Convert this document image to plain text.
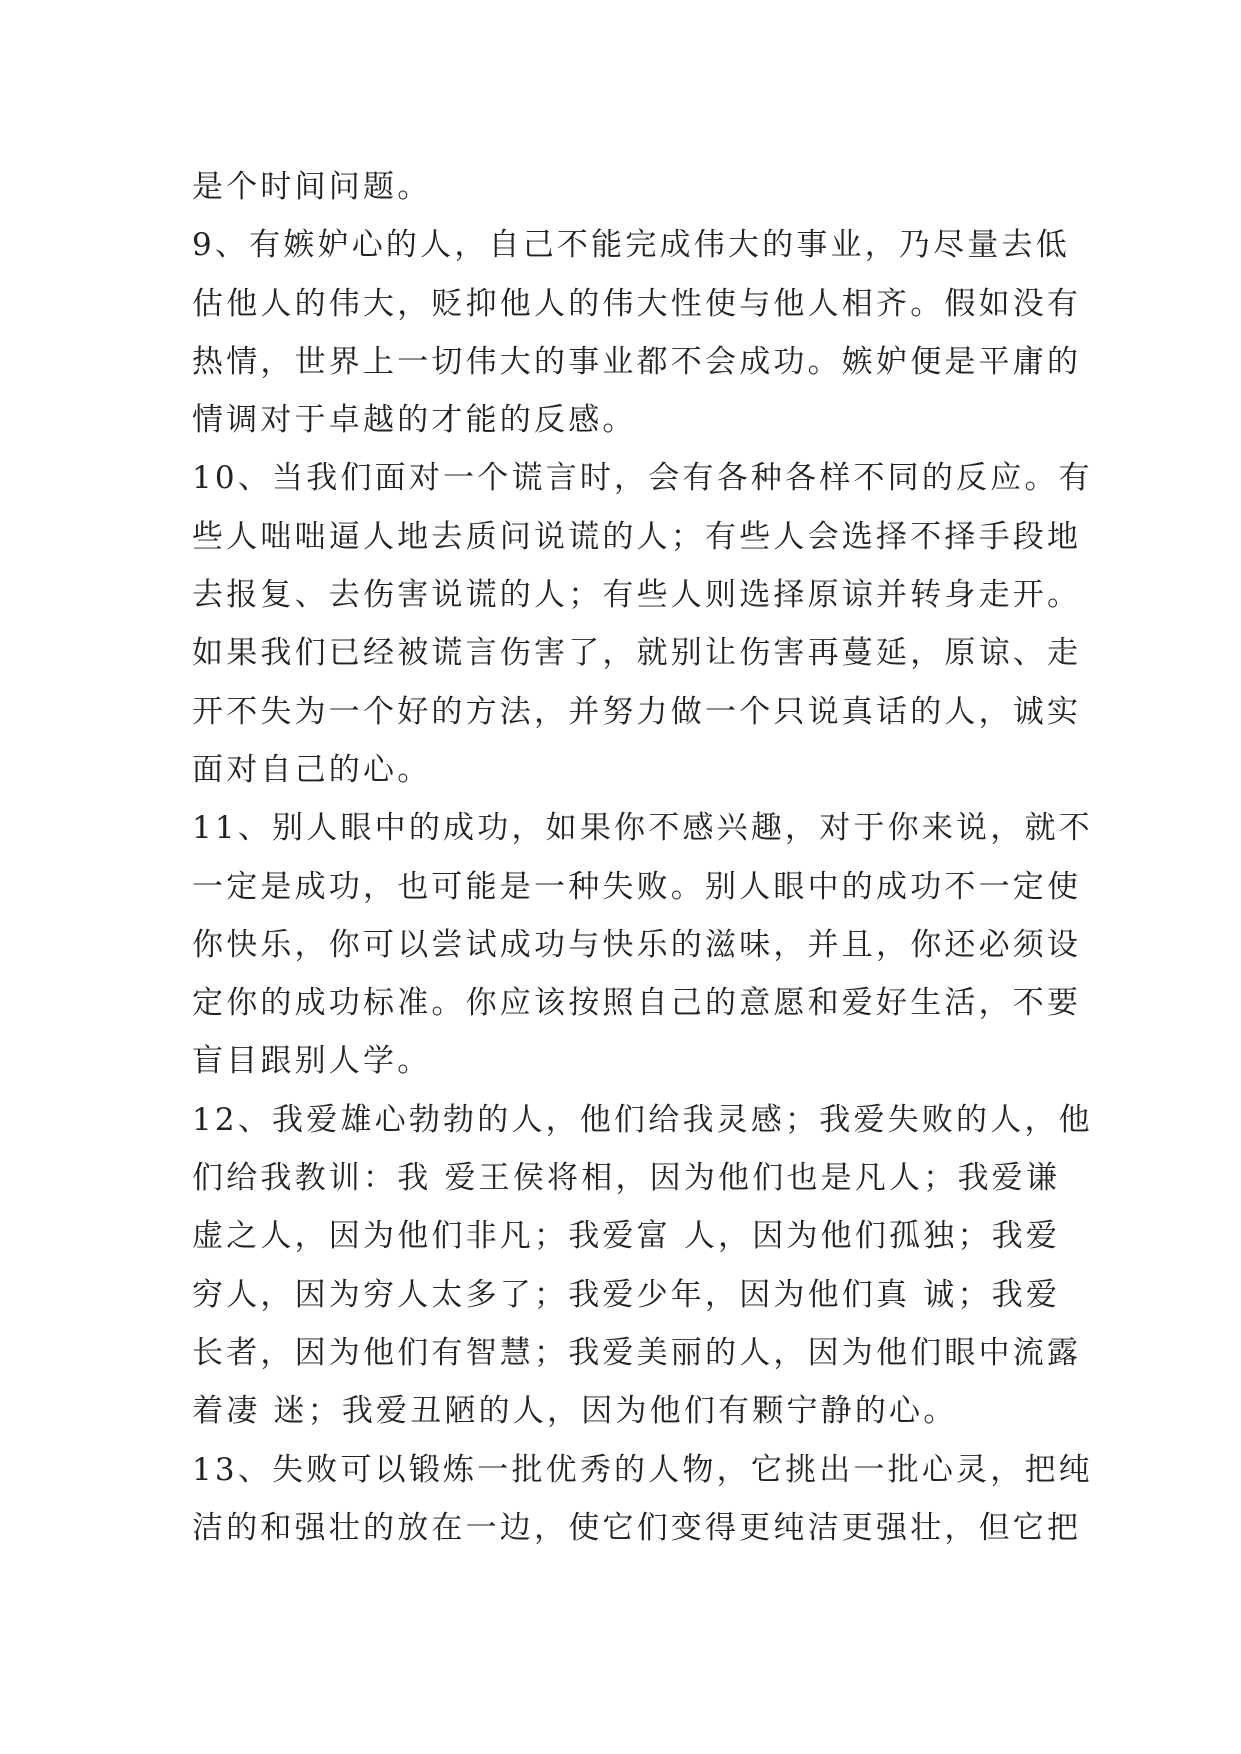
是个时间问题。
9、有嫉妒心的人，自己不能完成伟大的事业，乃尽量去低
估他人的伟大，贬抑他人的伟大性使与他人相齐。假如没有
热情，世界上一切伟大的事业都不会成功。嫉妒便是平庸的
情调对于卓越的才能的反感。
10、当我们面对一个谎言时，会有各种各样不同的反应。有
些人咄咄逼人地去质问说谎的人；有些人会选择不择手段地
去报复、去伤害说谎的人；有些人则选择原谅并转身走开。
如果我们已经被谎言伤害了，就别让伤害再蔓延，原谅、走
开不失为一个好的方法，并努力做一个只说真话的人，诚实
面对自己的心。
11、别人眼中的成功，如果你不感兴趣，对于你来说，就不
一定是成功，也可能是一种失败。别人眼中的成功不一定使
你快乐，你可以尝试成功与快乐的滋味，并且，你还必须设
定你的成功标准。你应该按照自己的意愿和爱好生活，不要
盲目跟别人学。
12、我爱雄心勃勃的人，他们给我灵感；我爱失败的人，他
们给我教训：我 爱王侯将相，因为他们也是凡人；我爱谦
虚之人，因为他们非凡；我爱富 人，因为他们孤独；我爱
穷人，因为穷人太多了；我爱少年，因为他们真 诚；我爱
长者，因为他们有智慧；我爱美丽的人，因为他们眼中流露
着凄 迷；我爱丑陋的人，因为他们有颗宁静的心。
13、失败可以锻炼一批优秀的人物，它挑出一批心灵，把纯
洁的和强壮的放在一边，使它们变得更纯洁更强壮，但它把
